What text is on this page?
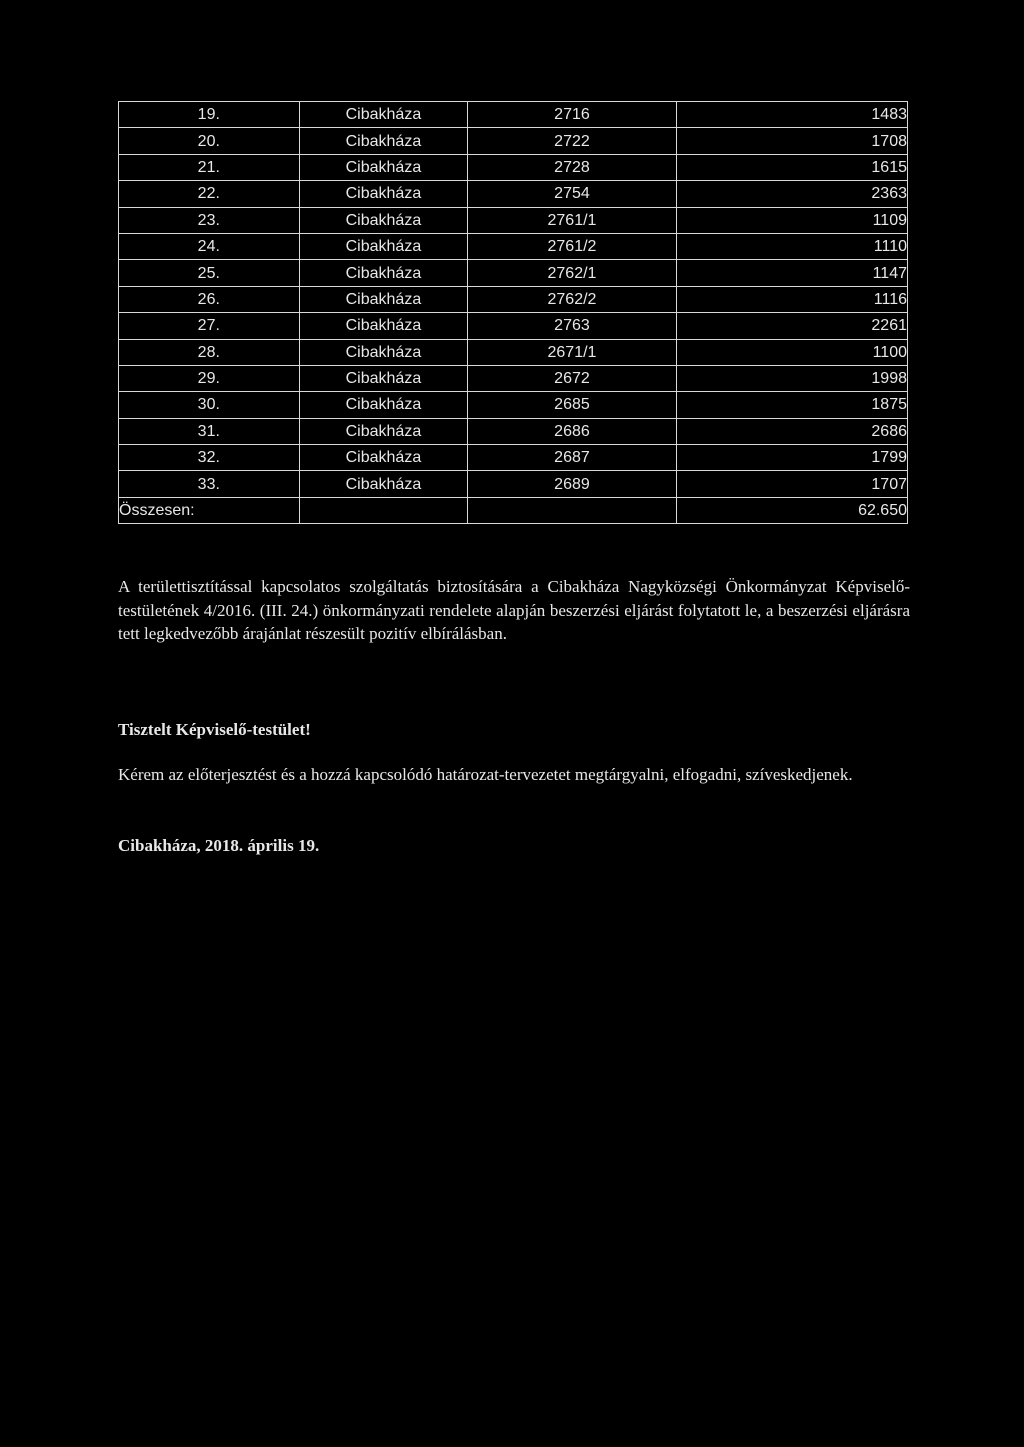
19.	Cibakháza	2716	1483
20.	Cibakháza	2722	1708
21.	Cibakháza	2728	1615
22.	Cibakháza	2754	2363
23.	Cibakháza	2761/1	1109
24.	Cibakháza	2761/2	1110
25.	Cibakháza	2762/1	1147
26.	Cibakháza	2762/2	1116
27.	Cibakháza	2763	2261
28.	Cibakháza	2671/1	1100
29.	Cibakháza	2672	1998
30.	Cibakháza	2685	1875
31.	Cibakháza	2686	2686
32.	Cibakháza	2687	1799
33.	Cibakháza	2689	1707
Összesen:			62.650
A területtisztítással kapcsolatos szolgáltatás biztosítására a Cibakháza Nagyközségi Önkormányzat Képviselő-testületének 4/2016. (III. 24.) önkormányzati rendelete alapján beszerzési eljárást folytatott le, a beszerzési eljárásra tett legkedvezőbb árajánlat részesült pozitív elbírálásban.
Tisztelt Képviselő-testület!
Kérem az előterjesztést és a hozzá kapcsolódó határozat-tervezetet megtárgyalni, elfogadni, szíveskedjenek.
Cibakháza, 2018. április 19.
